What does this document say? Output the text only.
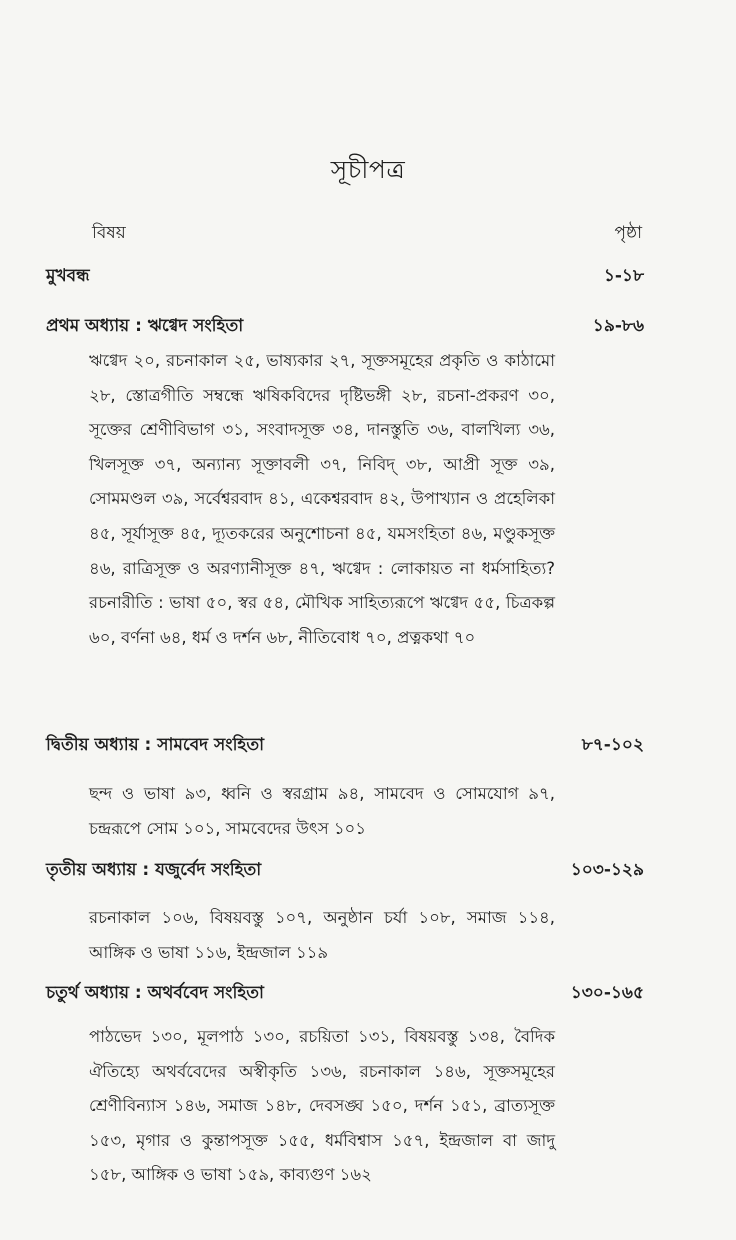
সূচীপত্র
বিষয়	পৃষ্ঠা
মুখবন্ধ	১-১৮
প্রথম অধ্যায় : ঋগ্বেদ সংহিতা	১৯-৮৬
ঋগ্বেদ ২০, রচনাকাল ২৫, ভাষ্যকার ২৭, সূক্তসমূহের প্রকৃতি ও কাঠামো ২৮, স্তোত্রগীতি সম্বন্ধে ঋষিকবিদের দৃষ্টিভঙ্গী ২৮, রচনা-প্রকরণ ৩০, সূক্তের শ্রেণীবিভাগ ৩১, সংবাদসূক্ত ৩৪, দানস্তুতি ৩৬, বালখিল্য ৩৬, খিলসূক্ত ৩৭, অন্যান্য সূক্তাবলী ৩৭, নিবিদ্‌ ৩৮, আপ্রী সূক্ত ৩৯, সোমমণ্ডল ৩৯, সর্বেশ্বরবাদ ৪১, একেশ্বরবাদ ৪২, উপাখ্যান ও প্রহেলিকা ৪৫, সূর্যাসূক্ত ৪৫, দ্যূতকরের অনুশোচনা ৪৫, যমসংহিতা ৪৬, মণ্ডুকসূক্ত ৪৬, রাত্রিসূক্ত ও অরণ্যানীসূক্ত ৪৭, ঋগ্বেদ : লোকায়ত না ধর্মসাহিত্য? রচনারীতি : ভাষা ৫০, স্বর ৫৪, মৌখিক সাহিত্যরূপে ঋগ্বেদ ৫৫, চিত্রকল্প ৬০, বর্ণনা ৬৪, ধর্ম ও দর্শন ৬৮, নীতিবোধ ৭০, প্রত্নকথা ৭০
দ্বিতীয় অধ্যায় : সামবেদ সংহিতা	৮৭-১০২
ছন্দ ও ভাষা ৯৩, ধ্বনি ও স্বরগ্রাম ৯৪, সামবেদ ও সোমযোগ ৯৭, চন্দ্ররূপে সোম ১০১, সামবেদের উৎস ১০১
তৃতীয় অধ্যায় : যজুর্বেদ সংহিতা	১০৩-১২৯
রচনাকাল ১০৬, বিষয়বস্তু ১০৭, অনুষ্ঠান চর্যা ১০৮, সমাজ ১১৪, আঙ্গিক ও ভাষা ১১৬, ইন্দ্রজাল ১১৯
চতুর্থ অধ্যায় : অথর্ববেদ সংহিতা	১৩০-১৬৫
পাঠভেদ ১৩০, মূলপাঠ ১৩০, রচয়িতা ১৩১, বিষয়বস্তু ১৩৪, বৈদিক ঐতিহ্যে অথর্ববেদের অস্বীকৃতি ১৩৬, রচনাকাল ১৪৬, সূক্তসমূহের শ্রেণীবিন্যাস ১৪৬, সমাজ ১৪৮, দেবসঙ্ঘ ১৫০, দর্শন ১৫১, ব্রাত্যসূক্ত ১৫৩, মৃগার ও কুন্তাপসূক্ত ১৫৫, ধর্মবিশ্বাস ১৫৭, ইন্দ্রজাল বা জাদু ১৫৮, আঙ্গিক ও ভাষা ১৫৯, কাব্যগুণ ১৬২
